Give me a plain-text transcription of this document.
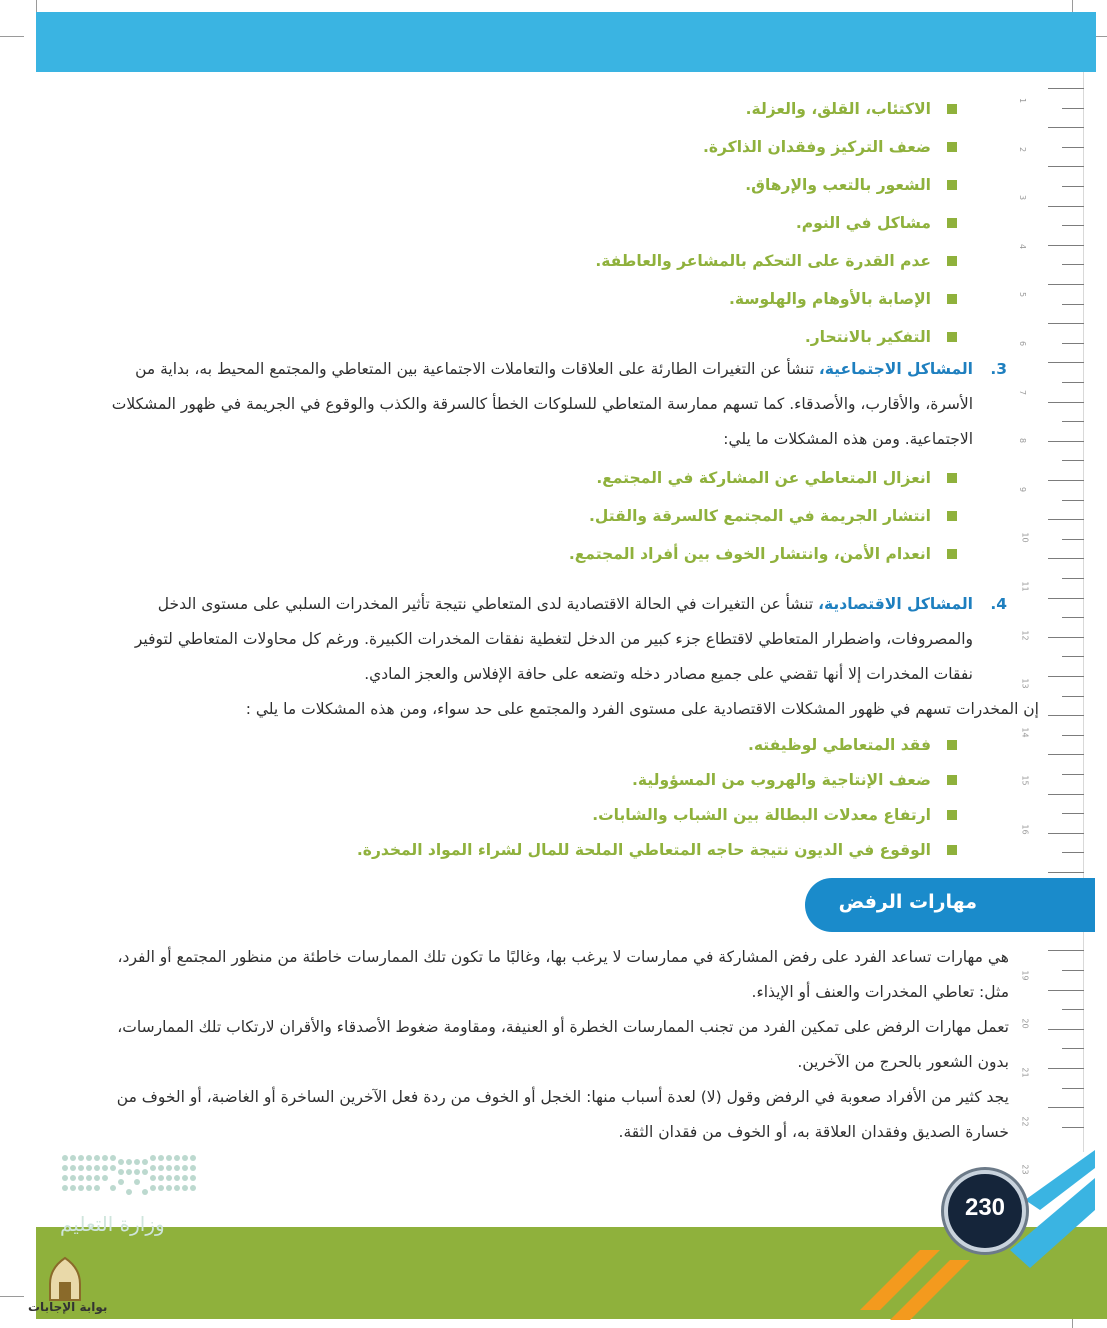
1
2
3
4
5
6
7
8
9
10
11
12
13
14
15
16
19
20
21
22
23
الاكتئاب، القلق، والعزلة.
ضعف التركيز وفقدان الذاكرة.
الشعور بالتعب والإرهاق.
مشاكل في النوم.
عدم القدرة على التحكم بالمشاعر والعاطفة.
الإصابة بالأوهام والهلوسة.
التفكير بالانتحار.
3.
المشاكل الاجتماعية، تنشأ عن التغيرات الطارئة على العلاقات والتعاملات الاجتماعية بين المتعاطي والمجتمع المحيط به، بداية من الأسرة، والأقارب، والأصدقاء. كما تسهم ممارسة المتعاطي للسلوكات الخطأ كالسرقة والكذب والوقوع في الجريمة في ظهور المشكلات الاجتماعية. ومن هذه المشكلات ما يلي:
انعزال المتعاطي عن المشاركة في المجتمع.
انتشار الجريمة في المجتمع كالسرقة والقتل.
انعدام الأمن، وانتشار الخوف بين أفراد المجتمع.
4.
المشاكل الاقتصادية، تنشأ عن التغيرات في الحالة الاقتصادية لدى المتعاطي نتيجة تأثير المخدرات السلبي على مستوى الدخل والمصروفات، واضطرار المتعاطي لاقتطاع جزء كبير من الدخل لتغطية نفقات المخدرات الكبيرة. ورغم كل محاولات المتعاطي لتوفير نفقات المخدرات إلا أنها تقضي على جميع مصادر دخله وتضعه على حافة الإفلاس والعجز المادي.
إن المخدرات تسهم في ظهور المشكلات الاقتصادية على مستوى الفرد والمجتمع على حد سواء، ومن هذه المشكلات ما يلي :
فقد المتعاطي لوظيفته.
ضعف الإنتاجية والهروب من المسؤولية.
ارتفاع معدلات البطالة بين الشباب والشابات.
الوقوع في الديون نتيجة حاجه المتعاطي الملحة للمال لشراء المواد المخدرة.
مهارات الرفض
هي مهارات تساعد الفرد على رفض المشاركة في ممارسات لا يرغب بها، وغالبًا ما تكون تلك الممارسات خاطئة من منظور المجتمع أو الفرد، مثل: تعاطي المخدرات والعنف أو الإيذاء.
تعمل مهارات الرفض على تمكين الفرد من تجنب الممارسات الخطرة أو العنيفة، ومقاومة ضغوط الأصدقاء والأقران لارتكاب تلك الممارسات، بدون الشعور بالحرج من الآخرين.
يجد كثير من الأفراد صعوبة في الرفض وقول (لا) لعدة أسباب منها: الخجل أو الخوف من ردة فعل الآخرين الساخرة أو الغاضبة، أو الخوف من خسارة الصديق وفقدان العلاقة به، أو الخوف من فقدان الثقة.
230
وزارة التعليم
بوابة الإجابات
